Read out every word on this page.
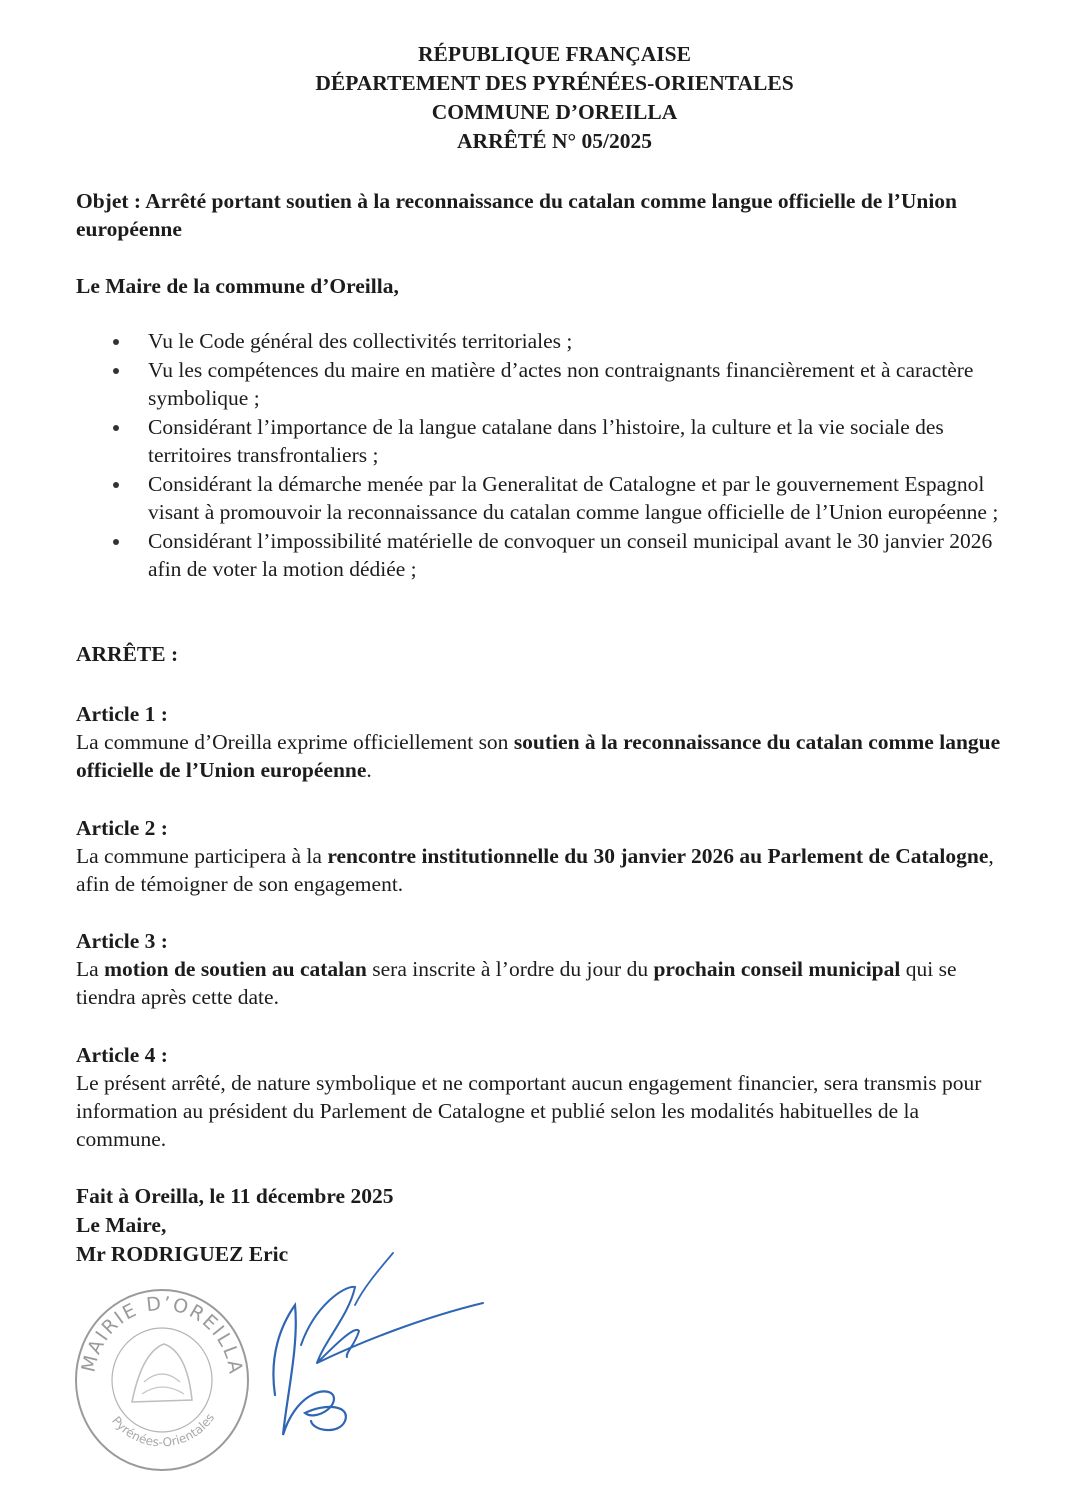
RÉPUBLIQUE FRANÇAISE
DÉPARTEMENT DES PYRÉNÉES-ORIENTALES
COMMUNE D’OREILLA
ARRÊTÉ N° 05/2025
Objet : Arrêté portant soutien à la reconnaissance du catalan comme langue officielle de l’Union européenne
Le Maire de la commune d’Oreilla,
Vu le Code général des collectivités territoriales ;
Vu les compétences du maire en matière d’actes non contraignants financièrement et à caractère symbolique ;
Considérant l’importance de la langue catalane dans l’histoire, la culture et la vie sociale des territoires transfrontaliers ;
Considérant la démarche menée par la Generalitat de Catalogne et par le gouvernement Espagnol visant à promouvoir la reconnaissance du catalan comme langue officielle de l’Union européenne ;
Considérant l’impossibilité matérielle de convoquer un conseil municipal avant le 30 janvier 2026 afin de voter la motion dédiée ;
ARRÊTE :
Article 1 :
La commune d’Oreilla exprime officiellement son soutien à la reconnaissance du catalan comme langue officielle de l’Union européenne.
Article 2 :
La commune participera à la rencontre institutionnelle du 30 janvier 2026 au Parlement de Catalogne, afin de témoigner de son engagement.
Article 3 :
La motion de soutien au catalan sera inscrite à l’ordre du jour du prochain conseil municipal qui se tiendra après cette date.
Article 4 :
Le présent arrêté, de nature symbolique et ne comportant aucun engagement financier, sera transmis pour information au président du Parlement de Catalogne et publié selon les modalités habituelles de la commune.
Fait à Oreilla, le 11 décembre 2025
Le Maire,
Mr RODRIGUEZ Eric
MAIRIE D’OREILLA
Pyrénées-Orientales
